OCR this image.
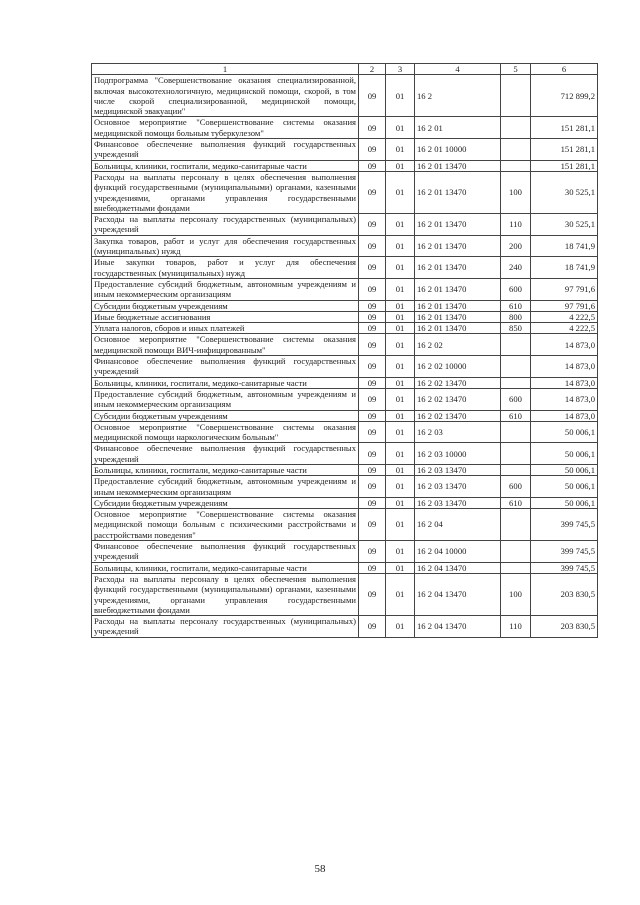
1	2	3	4	5	6
Подпрограмма "Совершенствование оказания специализированной, включая высокотехнологичную, медицинской помощи, скорой, в том числе скорой специализированной, медицинской помощи, медицинской эвакуации"	09	01	16 2		712 899,2
Основное мероприятие "Совершенствование системы оказания медицинской помощи больным туберкулезом"	09	01	16 2 01		151 281,1
Финансовое обеспечение выполнения функций государственных учреждений	09	01	16 2 01 10000		151 281,1
Больницы, клиники, госпитали, медико-санитарные части	09	01	16 2 01 13470		151 281,1
Расходы на выплаты персоналу в целях обеспечения выполнения функций государственными (муниципальными) органами, казенными учреждениями, органами управления государственными внебюджетными фондами	09	01	16 2 01 13470	100	30 525,1
Расходы на выплаты персоналу государственных (муниципальных) учреждений	09	01	16 2 01 13470	110	30 525,1
Закупка товаров, работ и услуг для обеспечения государственных (муниципальных) нужд	09	01	16 2 01 13470	200	18 741,9
Иные закупки товаров, работ и услуг для обеспечения государственных (муниципальных) нужд	09	01	16 2 01 13470	240	18 741,9
Предоставление субсидий бюджетным, автономным учреждениям и иным некоммерческим организациям	09	01	16 2 01 13470	600	97 791,6
Субсидии бюджетным учреждениям	09	01	16 2 01 13470	610	97 791,6
Иные бюджетные ассигнования	09	01	16 2 01 13470	800	4 222,5
Уплата налогов, сборов и иных платежей	09	01	16 2 01 13470	850	4 222,5
Основное мероприятие "Совершенствование системы оказания медицинской помощи ВИЧ-инфицированным"	09	01	16 2 02		14 873,0
Финансовое обеспечение выполнения функций государственных учреждений	09	01	16 2 02 10000		14 873,0
Больницы, клиники, госпитали, медико-санитарные части	09	01	16 2 02 13470		14 873,0
Предоставление субсидий бюджетным, автономным учреждениям и иным некоммерческим организациям	09	01	16 2 02 13470	600	14 873,0
Субсидии бюджетным учреждениям	09	01	16 2 02 13470	610	14 873,0
Основное мероприятие "Совершенствование системы оказания медицинской помощи наркологическим больным"	09	01	16 2 03		50 006,1
Финансовое обеспечение выполнения функций государственных учреждений	09	01	16 2 03 10000		50 006,1
Больницы, клиники, госпитали, медико-санитарные части	09	01	16 2 03 13470		50 006,1
Предоставление субсидий бюджетным, автономным учреждениям и иным некоммерческим организациям	09	01	16 2 03 13470	600	50 006,1
Субсидии бюджетным учреждениям	09	01	16 2 03 13470	610	50 006,1
Основное мероприятие "Совершенствование системы оказания медицинской помощи больным с психическими расстройствами и расстройствами поведения"	09	01	16 2 04		399 745,5
Финансовое обеспечение выполнения функций государственных учреждений	09	01	16 2 04 10000		399 745,5
Больницы, клиники, госпитали, медико-санитарные части	09	01	16 2 04 13470		399 745,5
Расходы на выплаты персоналу в целях обеспечения выполнения функций государственными (муниципальными) органами, казенными учреждениями, органами управления государственными внебюджетными фондами	09	01	16 2 04 13470	100	203 830,5
Расходы на выплаты персоналу государственных (муниципальных) учреждений	09	01	16 2 04 13470	110	203 830,5
58
